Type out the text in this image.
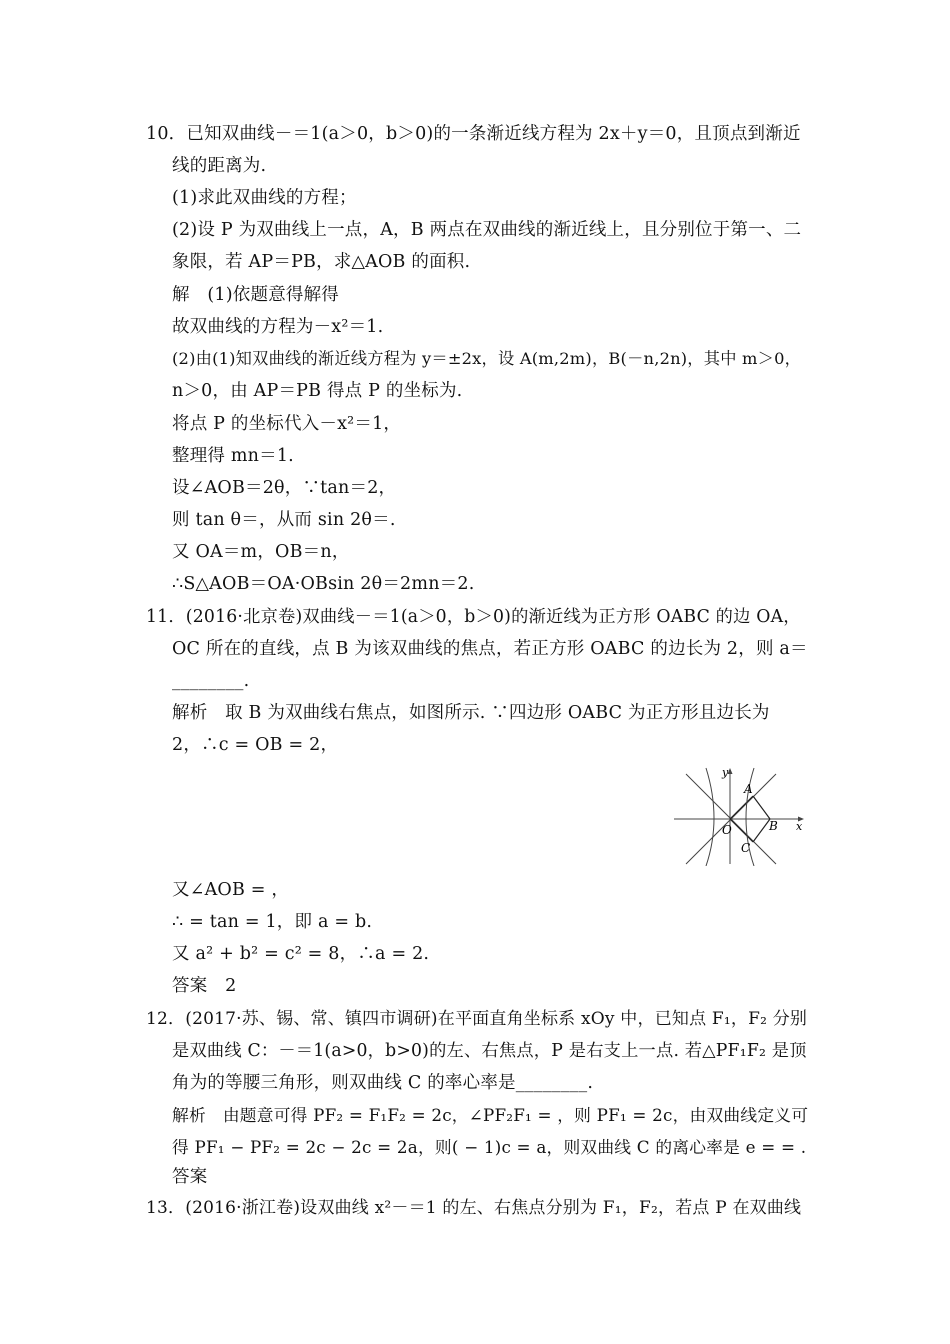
10．已知双曲线－＝1(a＞0，b＞0)的一条渐近线方程为 2x＋y＝0，且顶点到渐近
线的距离为.
(1)求此双曲线的方程；
(2)设 P 为双曲线上一点，A，B 两点在双曲线的渐近线上，且分别位于第一、二
象限，若 AP＝PB，求△AOB 的面积.
解　(1)依题意得解得
故双曲线的方程为－x²＝1.
(2)由(1)知双曲线的渐近线方程为 y＝±2x，设 A(m,2m)，B(－n,2n)，其中 m＞0，
n＞0，由 AP＝PB 得点 P 的坐标为.
将点 P 的坐标代入－x²＝1，
整理得 mn＝1.
设∠AOB＝2θ，∵tan＝2，
则 tan θ＝，从而 sin 2θ＝.
又 OA＝m，OB＝n，
∴S△AOB＝OA·OBsin 2θ＝2mn＝2.
11．(2016·北京卷)双曲线－＝1(a＞0，b＞0)的渐近线为正方形 OABC 的边 OA，
OC 所在的直线，点 B 为该双曲线的焦点，若正方形 OABC 的边长为 2，则 a＝
________.
解析　取 B 为双曲线右焦点，如图所示. ∵四边形 OABC 为正方形且边长为
2，∴c = OB = 2，
y
x
A
O	B
C
又∠AOB = ，
∴ = tan = 1，即 a = b.
又 a² + b² = c² = 8，∴a = 2.
答案　2
12．(2017·苏、锡、常、镇四市调研)在平面直角坐标系 xOy 中，已知点 F₁，F₂ 分别
是双曲线 C：－＝1(a>0，b>0)的左、右焦点，P 是右支上一点. 若△PF₁F₂ 是顶
角为的等腰三角形，则双曲线 C 的率心率是________.
解析　由题意可得 PF₂ = F₁F₂ = 2c，∠PF₂F₁ = ，则 PF₁ = 2c，由双曲线定义可
得 PF₁ − PF₂ = 2c − 2c = 2a，则( − 1)c = a，则双曲线 C 的离心率是 e = = .
答案
13．(2016·浙江卷)设双曲线 x²－＝1 的左、右焦点分别为 F₁，F₂，若点 P 在双曲线
